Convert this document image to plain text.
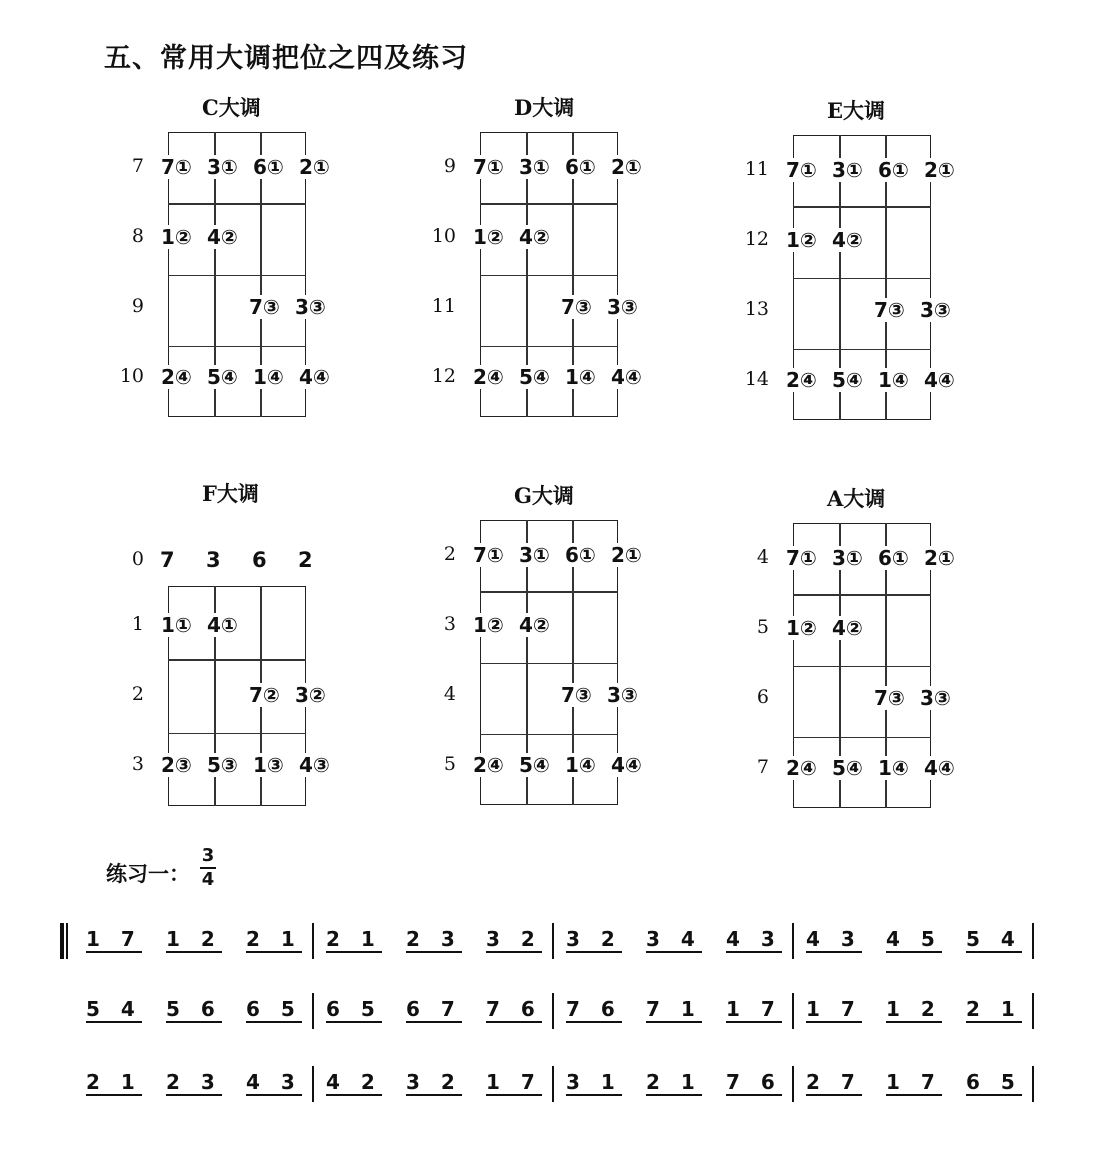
五、常用大调把位之四及练习
C大调
7
8
9
10
7① 3① 6① 2①
1② 4②
7③ 3③
2④ 5④ 1④ 4④
D大调
9
10
11
12
7① 3① 6① 2①
1② 4②
7③ 3③
2④ 5④ 1④ 4④
E大调
11
12
13
14
7① 3① 6① 2①
1② 4②
7③ 3③
2④ 5④ 1④ 4④
F大调
0
1
2
3
7 3 6 2
1① 4①
7② 3②
2③ 5③ 1③ 4③
G大调
2
3
4
5
7① 3① 6① 2①
1② 4②
7③ 3③
2④ 5④ 1④ 4④
A大调
4
5
6
7
7① 3① 6① 2①
1② 4②
7③ 3③
2④ 5④ 1④ 4④
练习一：
3
4
1 7 1 2 2 1 2 1 2 3 3 2 3 2 3 4 4 3 4 3 4 5 5 4
5 4 5 6 6 5 6 5 6 7 7 6 7 6 7 1 1 7 1 7 1 2 2 1
2 1 2 3 4 3 4 2 3 2 1 7 3 1 2 1 7 6 2 7 1 7 6 5
